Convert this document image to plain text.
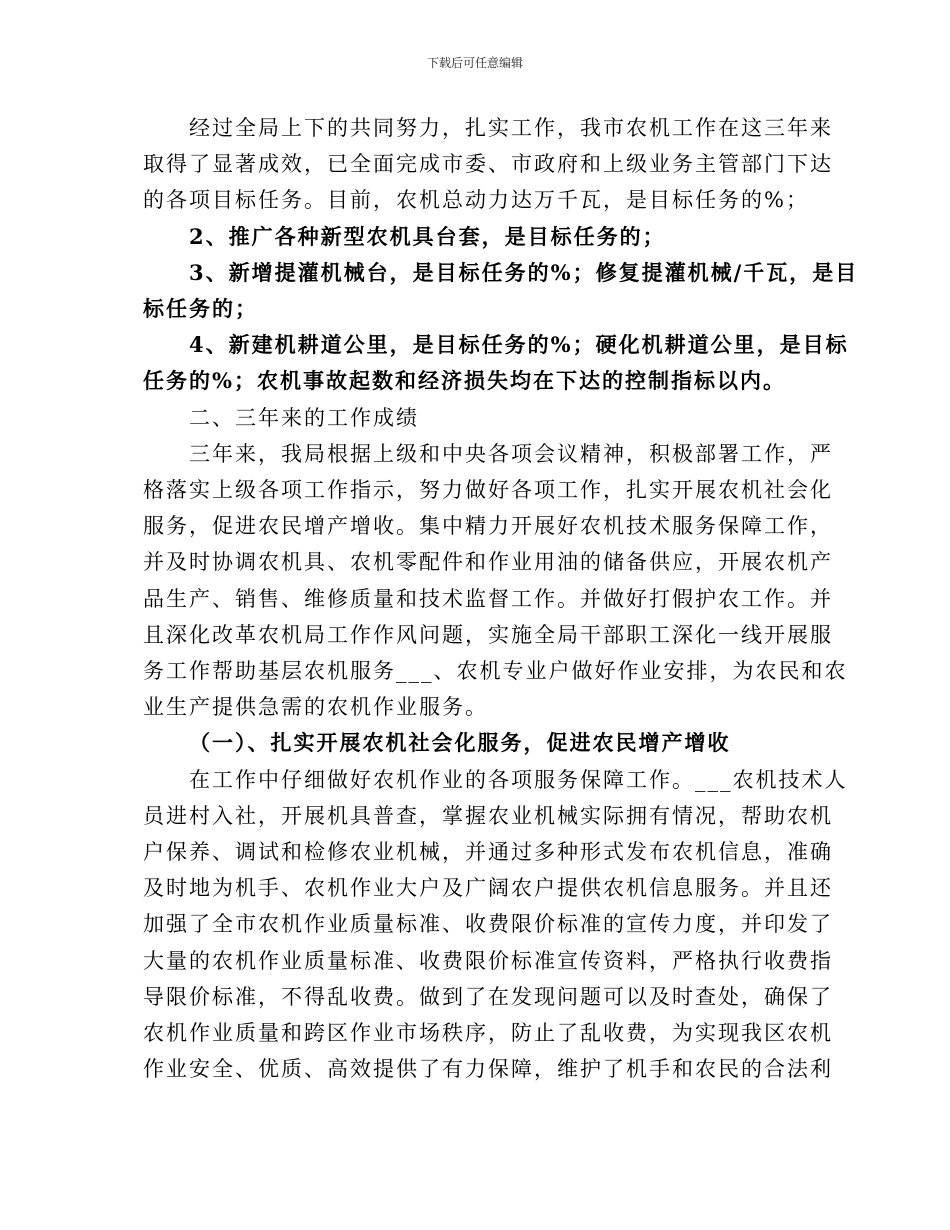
下载后可任意编辑

经过全局上下的共同努力，扎实工作，我市农机工作在这三年来
取得了显著成效，已全面完成市委、市政府和上级业务主管部门下达
的各项目标任务。目前，农机总动力达万千瓦，是目标任务的%；

2、推广各种新型农机具台套，是目标任务的；

3、新增提灌机械台，是目标任务的%；修复提灌机械/千瓦，是目
标任务的；

4、新建机耕道公里，是目标任务的%；硬化机耕道公里，是目标
任务的%；农机事故起数和经济损失均在下达的控制指标以内。

二、三年来的工作成绩

三年来，我局根据上级和中央各项会议精神，积极部署工作，严
格落实上级各项工作指示，努力做好各项工作，扎实开展农机社会化
服务，促进农民增产增收。集中精力开展好农机技术服务保障工作，
并及时协调农机具、农机零配件和作业用油的储备供应，开展农机产
品生产、销售、维修质量和技术监督工作。并做好打假护农工作。并
且深化改革农机局工作作风问题，实施全局干部职工深化一线开展服
务工作帮助基层农机服务___、农机专业户做好作业安排，为农民和农
业生产提供急需的农机作业服务。

（一）、扎实开展农机社会化服务，促进农民增产增收

在工作中仔细做好农机作业的各项服务保障工作。___农机技术人
员进村入社，开展机具普查，掌握农业机械实际拥有情况，帮助农机
户保养、调试和检修农业机械，并通过多种形式发布农机信息，准确
及时地为机手、农机作业大户及广阔农户提供农机信息服务。并且还
加强了全市农机作业质量标准、收费限价标准的宣传力度，并印发了
大量的农机作业质量标准、收费限价标准宣传资料，严格执行收费指
导限价标准，不得乱收费。做到了在发现问题可以及时查处，确保了
农机作业质量和跨区作业市场秩序，防止了乱收费，为实现我区农机
作业安全、优质、高效提供了有力保障，维护了机手和农民的合法利
